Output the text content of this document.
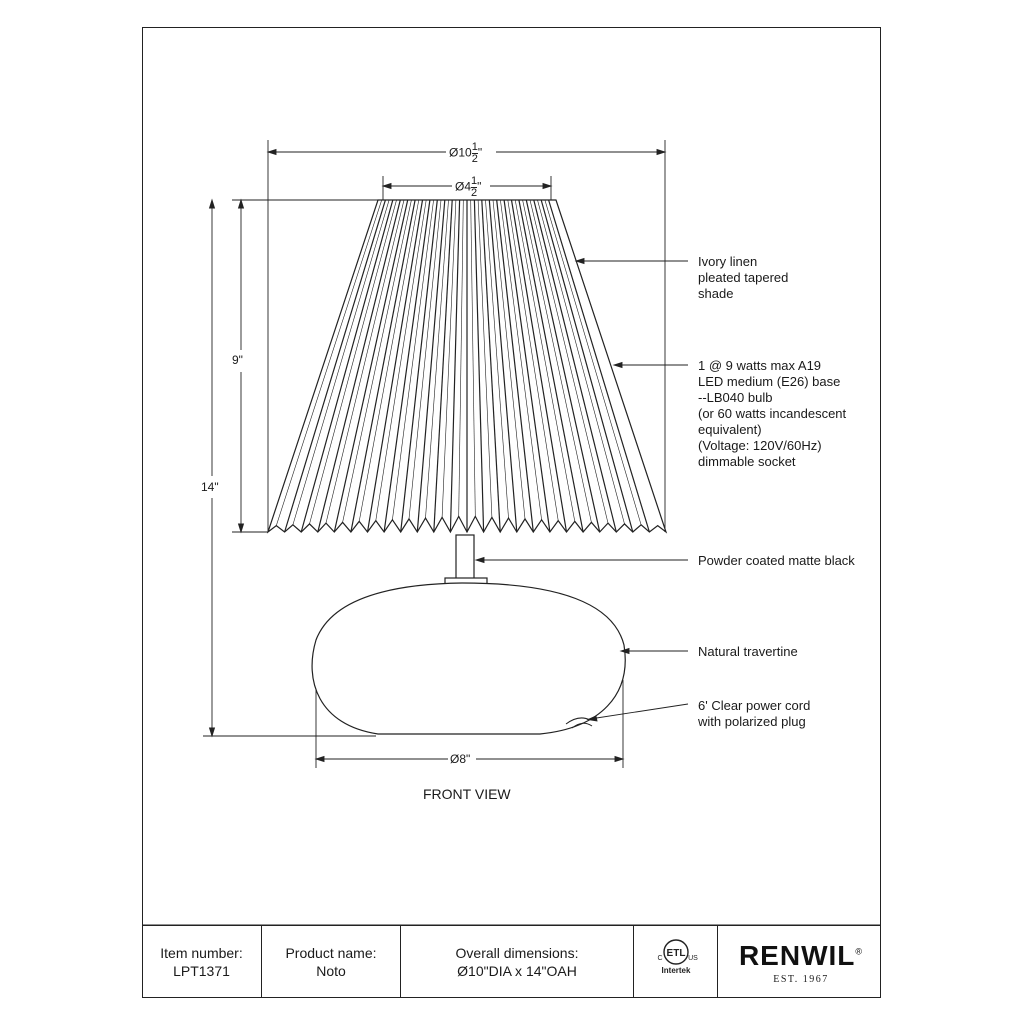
Ø10 $\frac{1}{2}$ "
Ø4 $\frac{1}{2}$ "
9"
14"
Ø8"
Ivory linen
pleated tapered
shade
1 @ 9 watts max A19
LED medium (E26) base
--LB040 bulb
(or 60 watts incandescent
equivalent)
(Voltage: 120V/60Hz)
dimmable socket
Powder coated matte black
Natural travertine
6' Clear power cord
with polarized plug
FRONT VIEW
Item number:
LPT1371
Product name:
Noto
Overall dimensions:
Ø10"DIA x 14"OAH
ETL
C	US
Intertek	RENWIL®
EST. 1967
